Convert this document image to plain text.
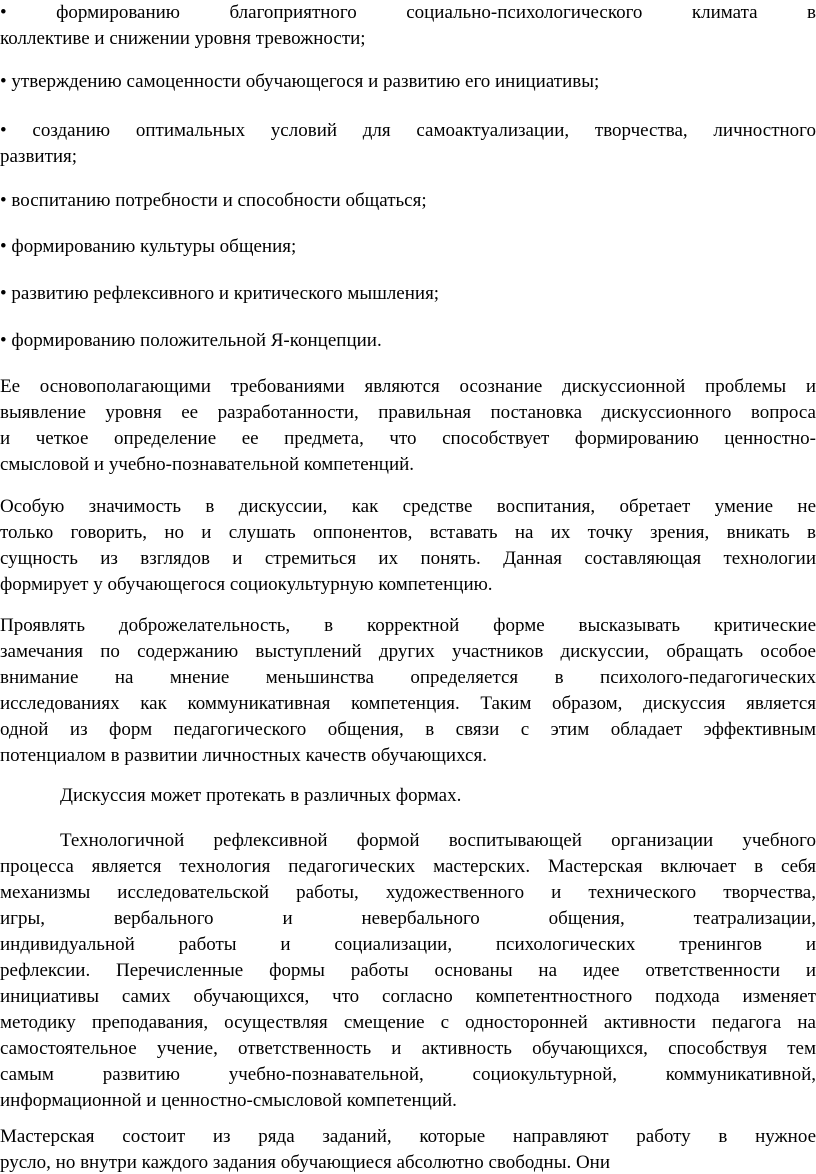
• формированию благоприятного социально-психологического климата в
коллективе и снижении уровня тревожности;
• утверждению самоценности обучающегося и развитию его инициативы;
• созданию оптимальных условий для самоактуализации, творчества, личностного
развития;
• воспитанию потребности и способности общаться;
• формированию культуры общения;
• развитию рефлексивного и критического мышления;
• формированию положительной Я-концепции.
Ее основополагающими требованиями являются осознание дискуссионной проблемы и
выявление уровня ее разработанности, правильная постановка дискуссионного вопроса
и четкое определение ее предмета, что способствует формированию ценностно-
смысловой и учебно-познавательной компетенций.
Особую значимость в дискуссии, как средстве воспитания, обретает умение не
только говорить, но и слушать оппонентов, вставать на их точку зрения, вникать в
сущность из взглядов и стремиться их понять. Данная составляющая технологии
формирует у обучающегося социокультурную компетенцию.
Проявлять доброжелательность, в корректной форме высказывать критические
замечания по содержанию выступлений других участников дискуссии, обращать особое
внимание на мнение меньшинства определяется в психолого-педагогических
исследованиях как коммуникативная компетенция. Таким образом, дискуссия является
одной из форм педагогического общения, в связи с этим обладает эффективным
потенциалом в развитии личностных качеств обучающихся.
Дискуссия может протекать в различных формах.
Технологичной рефлексивной формой воспитывающей организации учебного
процесса является технология педагогических мастерских. Мастерская включает в себя
механизмы исследовательской работы, художественного и технического творчества,
игры, вербального и невербального общения, театрализации,
индивидуальной работы и социализации, психологических тренингов и
рефлексии. Перечисленные формы работы основаны на идее ответственности и
инициативы самих обучающихся, что согласно компетентностного подхода изменяет
методику преподавания, осуществляя смещение с односторонней активности педагога на
самостоятельное учение, ответственность и активность обучающихся, способствуя тем
самым развитию учебно-познавательной, социокультурной, коммуникативной,
информационной и ценностно-смысловой компетенций.
Мастерская состоит из ряда заданий, которые направляют работу в нужное
русло, но внутри каждого задания обучающиеся абсолютно свободны. Они
